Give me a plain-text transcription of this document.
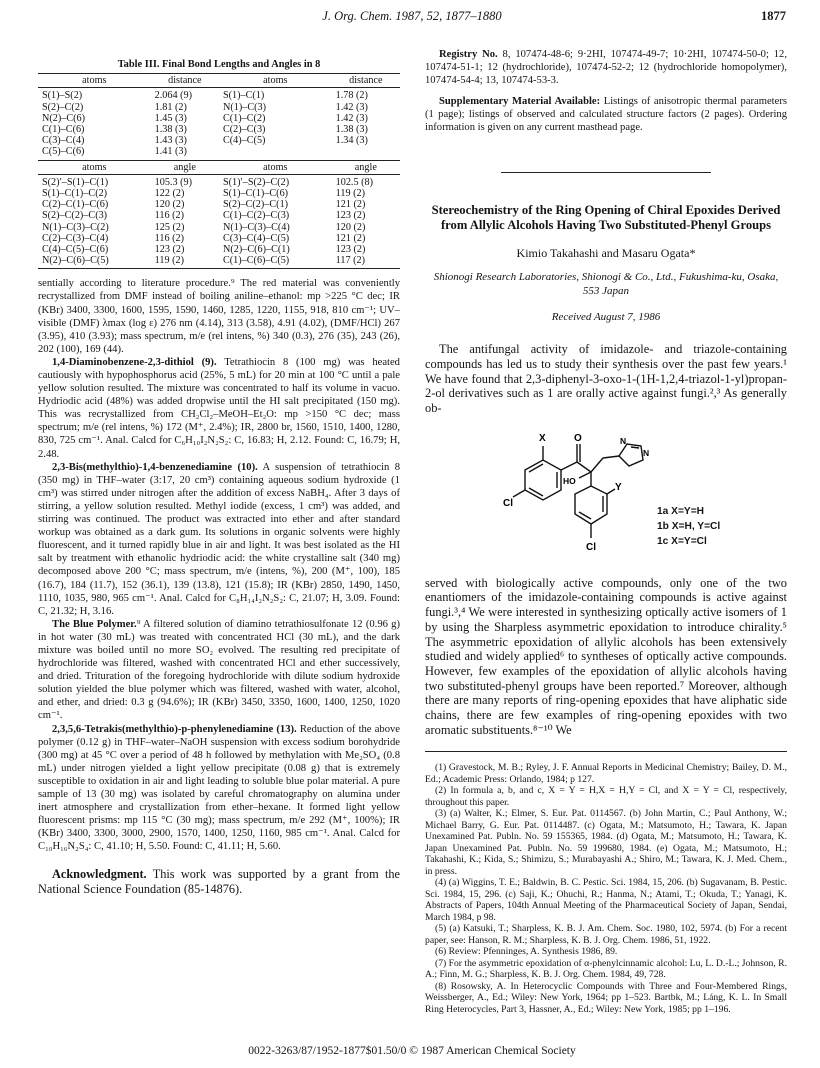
J. Org. Chem. 1987, 52, 1877–1880	1877
Table III. Final Bond Lengths and Angles in 8
atoms	distance	atoms	distance
S(1)–S(2)	2.064 (9)	S(1)–C(1)	1.78 (2)
S(2)–C(2)	1.81 (2)	N(1)–C(3)	1.42 (3)
N(2)–C(6)	1.45 (3)	C(1)–C(2)	1.42 (3)
C(1)–C(6)	1.38 (3)	C(2)–C(3)	1.38 (3)
C(3)–C(4)	1.43 (3)	C(4)–C(5)	1.34 (3)
C(5)–C(6)	1.41 (3)		
atoms	angle	atoms	angle
S(2)′–S(1)–C(1)	105.3 (9)	S(1)′–S(2)–C(2)	102.5 (8)
S(1)–C(1)–C(2)	122 (2)	S(1)–C(1)–C(6)	119 (2)
C(2)–C(1)–C(6)	120 (2)	S(2)–C(2)–C(1)	121 (2)
S(2)–C(2)–C(3)	116 (2)	C(1)–C(2)–C(3)	123 (2)
N(1)–C(3)–C(2)	125 (2)	N(1)–C(3)–C(4)	120 (2)
C(2)–C(3)–C(4)	116 (2)	C(3)–C(4)–C(5)	121 (2)
C(4)–C(5)–C(6)	123 (2)	N(2)–C(6)–C(1)	123 (2)
N(2)–C(6)–C(5)	119 (2)	C(1)–C(6)–C(5)	117 (2)

sentially according to literature procedure.⁹ The red material was conveniently recrystallized from DMF instead of boiling aniline–ethanol: mp >225 °C dec; IR (KBr) 3400, 3300, 1600, 1595, 1590, 1460, 1285, 1220, 1155, 918, 810 cm⁻¹; UV–visible (DMF) λmax (log ε) 276 nm (4.14), 313 (3.58), 4.91 (4.02), (DMF/HCl) 267 (3.95), 410 (3.93); mass spectrum, m/e (rel intens, %) 340 (0.3), 276 (35), 243 (26), 202 (100), 169 (44).

1,4-Diaminobenzene-2,3-dithiol (9). Tetrathiocin 8 (100 mg) was heated cautiously with hypophosphorus acid (25%, 5 mL) for 20 min at 100 °C until a pale yellow solution resulted. The mixture was concentrated to half its volume in vacuo. Hydriodic acid (48%) was added dropwise until the HI salt precipitated (150 mg). This was recrystallized from CH₂Cl₂–MeOH–Et₂O: mp >150 °C dec; mass spectrum; m/e (rel intens, %) 172 (M⁺, 2.4%); IR, 2800 br, 1560, 1510, 1400, 1280, 830, 725 cm⁻¹. Anal. Calcd for C₆H₁₀I₂N₂S₂: C, 16.83; H, 2.12. Found: C, 16.79; H, 2.48.

2,3-Bis(methylthio)-1,4-benzenediamine (10). A suspension of tetrathiocin 8 (350 mg) in THF–water (3:17, 20 cm³) containing aqueous sodium hydroxide (1 cm³) was stirred under nitrogen after the addition of excess NaBH₄. After 3 days of stirring, a yellow solution resulted. Methyl iodide (excess, 1 cm³) was added, and stirring was continued. The product was extracted into ether and after standard workup was obtained as a dark gum. Its solutions in organic solvents were highly fluorescent, and it turned rapidly blue in air and light. It was best isolated as the HI salt by treatment with ethanolic hydriodic acid: the white crystalline salt (340 mg) decomposed above 200 °C; mass spectrum, m/e (intens, %), 200 (M⁺, 100), 185 (16.7), 184 (11.7), 152 (36.1), 139 (13.8), 121 (15.8); IR (KBr) 2850, 1490, 1450, 1110, 1035, 980, 965 cm⁻¹. Anal. Calcd for C₈H₁₄I₂N₂S₂: C, 21.07; H, 3.09. Found: C, 21.32; H, 3.16.

The Blue Polymer.⁹ A filtered solution of diamino tetrathiosulfonate 12 (0.96 g) in hot water (30 mL) was treated with concentrated HCl (30 mL), and the dark mixture was boiled until no more SO₂ evolved. The resulting red precipitate of hydrochloride was filtered, washed with concentrated HCl and ether successively, and dried. Trituration of the foregoing hydrochloride with dilute sodium hydroxide solution yielded the blue polymer which was filtered, washed with water, alcohol, and ether, and dried: 0.3 g (94.6%); IR (KBr) 3450, 3350, 1600, 1400, 1250, 1020 cm⁻¹.

2,3,5,6-Tetrakis(methylthio)-p-phenylenediamine (13). Reduction of the above polymer (0.12 g) in THF–water–NaOH suspension with excess sodium borohydride (300 mg) at 45 °C over a period of 48 h followed by methylation with Me₂SO₄ (0.8 mL) under nitrogen yielded a light yellow precipitate (0.08 g) that is extremely susceptible to oxidation in air and light leading to soluble blue polar material. A pure sample of 13 (30 mg) was isolated by careful chromatography on alumina under inert atmosphere and crystallization from ether–hexane. It formed light yellow fluorescent prisms: mp 115 °C (30 mg); mass spectrum, m/e 292 (M⁺, 100%); IR (KBr) 3400, 3300, 3000, 2900, 1570, 1400, 1250, 1160, 985 cm⁻¹. Anal. Calcd for C₁₀H₁₆N₂S₄: C, 41.10; H, 5.50. Found: C, 41.11; H, 5.60.

Acknowledgment. This work was supported by a grant from the National Science Foundation (85-14876).

Registry No. 8, 107474-48-6; 9·2HI, 107474-49-7; 10·2HI, 107474-50-0; 12, 107474-51-1; 12 (hydrochloride), 107474-52-2; 12 (hydrochloride homopolymer), 107474-54-4; 13, 107474-53-3.

Supplementary Material Available: Listings of anisotropic thermal parameters (1 page); listings of observed and calculated structure factors (2 pages). Ordering information is given on any current masthead page.

Stereochemistry of the Ring Opening of Chiral Epoxides Derived from Allylic Alcohols Having Two Substituted-Phenyl Groups
Kimio Takahashi and Masaru Ogata*
Shionogi Research Laboratories, Shionogi & Co., Ltd., Fukushima-ku, Osaka, 553 Japan
Received August 7, 1986

The antifungal activity of imidazole- and triazole-containing compounds has led us to study their synthesis over the past few years.¹ We have found that 2,3-diphenyl-3-oxo-1-(1H-1,2,4-triazol-1-yl)propan-2-ol derivatives such as 1 are orally active against fungi.²,³ As generally ob-

X	O
HO
N
N
Y
Cl
Cl
1a X=Y=H
1b X=H, Y=Cl
1c X=Y=Cl

served with biologically active compounds, only one of the two enantiomers of the imidazole-containing compounds is active against fungi.³,⁴ We were interested in synthesizing optically active isomers of 1 by using the Sharpless asymmetric epoxidation to introduce chirality.⁵ The asymmetric epoxidation of allylic alcohols has been extensively studied and widely applied⁶ to syntheses of optically active compounds. However, few examples of the epoxidation of allylic alcohols having two substituted-phenyl groups have been reported.⁷ Moreover, although there are many reports of ring-opening epoxides that have aliphatic side chains, there are few examples of ring-opening epoxides with two aromatic substituents.⁸⁻¹⁰ We

(1) Gravestock, M. B.; Ryley, J. F. Annual Reports in Medicinal Chemistry; Bailey, D. M., Ed.; Academic Press: Orlando, 1984; p 127.

(2) In formula a, b, and c, X = Y = H,X = H,Y = Cl, and X = Y = Cl, respectively, throughout this paper.

(3) (a) Walter, K.; Elmer, S. Eur. Pat. 0114567. (b) John Martin, C.; Paul Anthony, W.; Michael Barry, G. Eur. Pat. 0114487. (c) Ogata, M.; Matsumoto, H.; Tawara, K. Japan Unexamined Pat. Publn. No. 59 155365, 1984. (d) Ogata, M.; Matsumoto, H.; Tawara, K. Japan Unexamined Pat. Publn. No. 59 199680, 1984. (e) Ogata, M.; Matsumoto, H.; Takahashi, K.; Kida, S.; Shimizu, S.; Murabayashi A.; Shiro, M.; Tawara, K. J. Med. Chem., in press.

(4) (a) Wiggins, T. E.; Baldwin, B. C. Pestic. Sci. 1984, 15, 206. (b) Sugavanam, B. Pestic. Sci. 1984, 15, 296. (c) Saji, K.; Ohuchi, R.; Hanma, N.; Atami, T.; Okuda, T.; Yanagi, K. Abstracts of Papers, 104th Annual Meeting of the Pharmaceutical Society of Japan, Sendai, March 1984, p 98.

(5) (a) Katsuki, T.; Sharpless, K. B. J. Am. Chem. Soc. 1980, 102, 5974. (b) For a recent paper, see: Hanson, R. M.; Sharpless, K. B. J. Org. Chem. 1986, 51, 1922.

(6) Review: Pfenninges, A. Synthesis 1986, 89.

(7) For the asymmetric epoxidation of α-phenylcinnamic alcohol: Lu, L. D.-L.; Johnson, R. A.; Finn, M. G.; Sharpless, K. B. J. Org. Chem. 1984, 49, 728.

(8) Rosowsky, A. In Heterocyclic Compounds with Three and Four-Membered Rings, Weissberger, A., Ed.; Wiley: New York, 1964; pp 1–523. Bartbk, M.; Láng, K. L. In Small Ring Heterocycles, Part 3, Hassner, A., Ed.; Wiley: New York, 1985; pp 1–196.

0022-3263/87/1952-1877$01.50/0 © 1987 American Chemical Society
